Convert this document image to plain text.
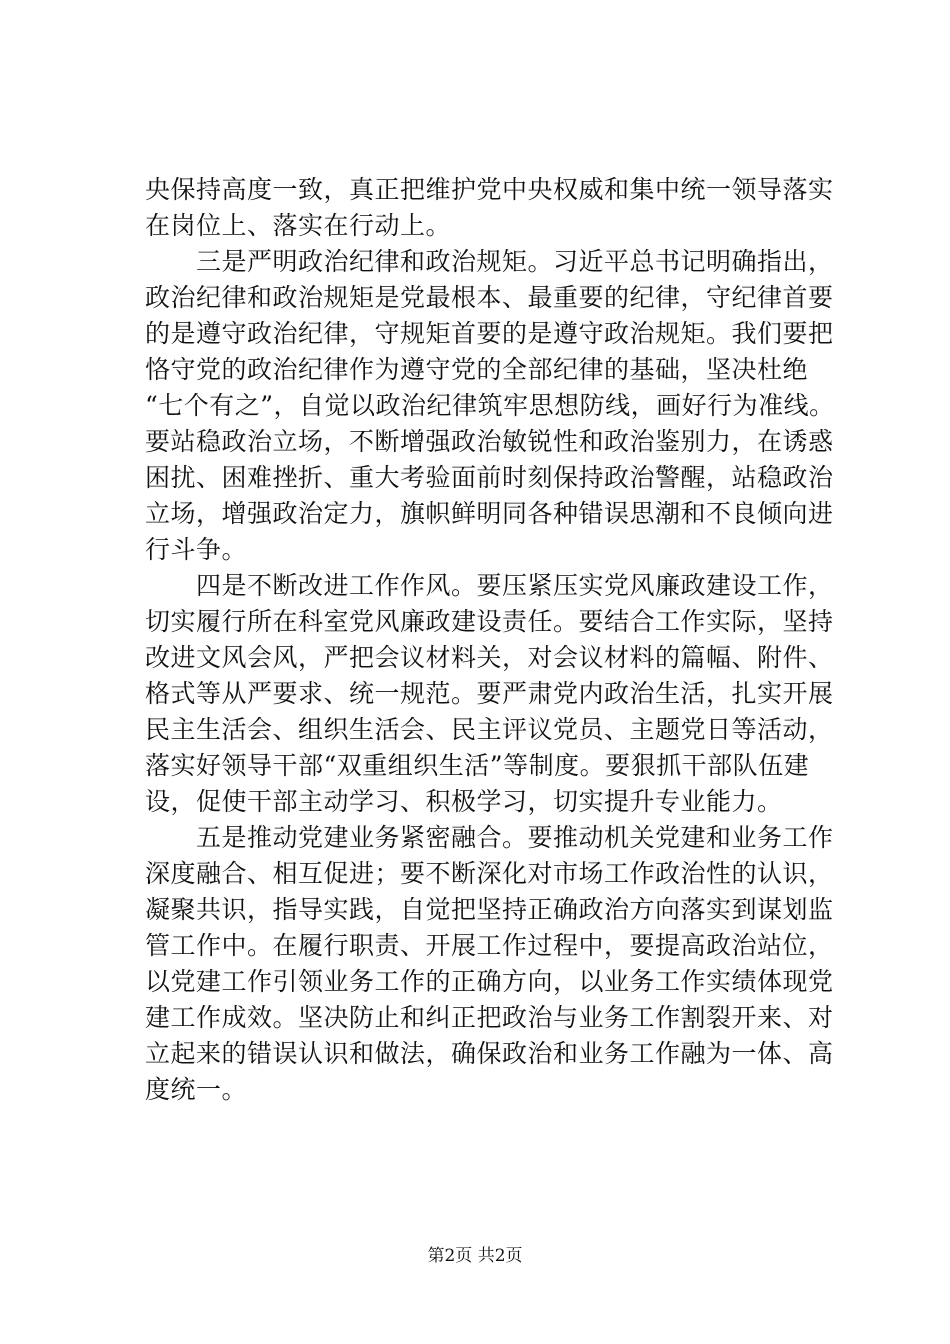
央保持高度一致，真正把维护党中央权威和集中统一领导落实
在岗位上、落实在行动上。
　　三是严明政治纪律和政治规矩。习近平总书记明确指出，
政治纪律和政治规矩是党最根本、最重要的纪律，守纪律首要
的是遵守政治纪律，守规矩首要的是遵守政治规矩。我们要把
恪守党的政治纪律作为遵守党的全部纪律的基础，坚决杜绝
“七个有之”，自觉以政治纪律筑牢思想防线，画好行为准线。
要站稳政治立场，不断增强政治敏锐性和政治鉴别力，在诱惑
困扰、困难挫折、重大考验面前时刻保持政治警醒，站稳政治
立场，增强政治定力，旗帜鲜明同各种错误思潮和不良倾向进
行斗争。
　　四是不断改进工作作风。要压紧压实党风廉政建设工作，
切实履行所在科室党风廉政建设责任。要结合工作实际，坚持
改进文风会风，严把会议材料关，对会议材料的篇幅、附件、
格式等从严要求、统一规范。要严肃党内政治生活，扎实开展
民主生活会、组织生活会、民主评议党员、主题党日等活动，
落实好领导干部“双重组织生活”等制度。要狠抓干部队伍建
设，促使干部主动学习、积极学习，切实提升专业能力。
　　五是推动党建业务紧密融合。要推动机关党建和业务工作
深度融合、相互促进；要不断深化对市场工作政治性的认识，
凝聚共识，指导实践，自觉把坚持正确政治方向落实到谋划监
管工作中。在履行职责、开展工作过程中，要提高政治站位，
以党建工作引领业务工作的正确方向，以业务工作实绩体现党
建工作成效。坚决防止和纠正把政治与业务工作割裂开来、对
立起来的错误认识和做法，确保政治和业务工作融为一体、高
度统一。
第2页 共2页
